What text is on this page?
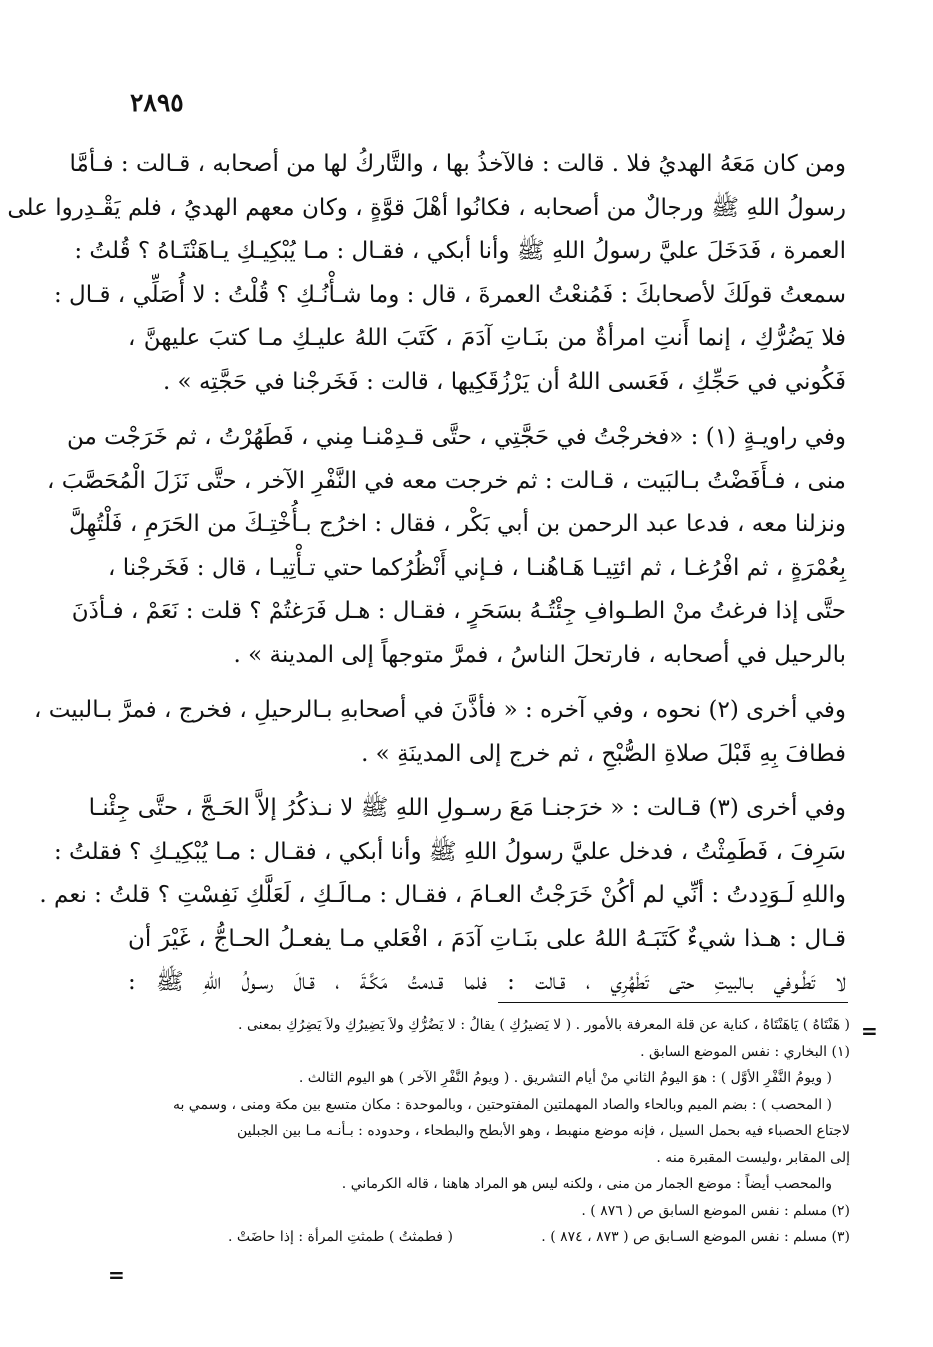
٢٨٩٥
ومن كان مَعَهُ الهديُ فلا . قالت : فالآخذُ بها ، والتَّاركُ لها من أصحابه ، قـالت : فـأمَّا
رسولُ اللهِ ﷺ ورجالٌ من أصحابه ، فكانُوا أهْلَ قوَّةٍ ، وكان معهم الهديُ ، فلم يَقْـدِروا على
العمرة ، فَدَخَلَ عليَّ رسولُ اللهِ ﷺ وأنا أبكي ، فقـال : مـا يُبْكِيـكِ يـاهَنْتَـاهُ ؟ قُلتُ :
سمعتُ قولَكَ لأصحابكَ : فَمُنعْتُ العمرةَ ، قال : وما شـأْنُـكِ ؟ قُلْتُ : لا أُصَلِّي ، قـال :
فلا يَضُرُّكِ ، إنما أَنتِ امرأةٌ من بنَـاتِ آدَمَ ، كَتَبَ اللهُ عليـكِ مـا كتبَ عليهنَّ ،
فَكُوني في حَجِّكِ ، فَعَسى اللهُ أن يَرْزُقَكِيها ، قالت : فَخَرجْنا في حَجَّتِه » .
وفي راويـةٍ (١) : «فخرجْتُ في حَجَّتِي ، حتَّى قـدِمْنـا مِني ، فَطَهُرْتُ ، ثم خَرَجْت من
منى ، فـأَفَضْتُ بـالبَيت ، قـالت : ثم خرجت معه في النَّفْرِ الآخر ، حتَّى نَزَلَ الْمُحَصَّبَ ،
ونزلنا معه ، فدعا عبد الرحمن بن أبي بَكْر ، فقال : اخرُج بـأُخْتِـكَ من الحَرَمِ ، فَلْتُهِلَّ
بِعُمْرَةٍ ، ثم افْرُغـا ، ثم ائتِيـا هَـاهُنـا ، فـإني أَنْظُرُكما حتي تـأْتِيـا ، قال : فَخَرجْنا ،
حتَّى إذا فرغتُ منْ الطـوافِ جِئْتُـهُ بسَحَرٍ ، فقـال : هـل فَرَغتُمْ ؟ قلت : نَعَمْ ، فـأذَنَ
بالرحيل في أصحابه ، فارتحلَ الناسُ ، فمرَّ متوجهاً إلى المدينة » .
وفي أخرى (٢) نحوه ، وفي آخره : « فأذَّنَ في أصحابهِ بـالرحيلِ ، فخرج ، فمرَّ بـالبيت ،
فطافَ بِهِ قَبْلَ صلاةِ الصُّبْحِ ، ثم خرج إلى المدينَةِ » .
وفي أخرى (٣) قـالت : « خرَجنـا مَعَ رسـولِ اللهِ ﷺ لا نـذكُرُ إلاَّ الحَـجَّ ، حتَّى جِئْنـا
سَرِفَ ، فَطَمِثْتُ ، فدخل عليَّ رسولُ اللهِ ﷺ وأنا أبكي ، فقـال : مـا يُبْكِيـكِ ؟ فقلتُ :
واللهِ لَـوَدِدتُ : أنِّي لم أكُنْ خَرَجْتُ العـامَ ، فقـال : مـالَـكِ ، لَعَلَّكِ نَفِسْتِ ؟ قلتُ : نعم .
قـال : هـذا شيءٌ كَتَبَـهُ اللهُ على بنَـاتِ آدَمَ ، افْعَلي مـا يفعـلُ الحـاجُّ ، غَيْرَ أن
لا تَطُـوفي بـالبيتِ حتى تَطْهُرِي ، قـالت : فلما قـدمتُ مَكَّـةَ ، قـالَ رسـولُ اللهِ ﷺ :
( هَنْتَاهُ ) يَاهَنْتَاهُ ، كناية عن قلة المعرفة بالأمور . ( لا يَضيرُكِ ) يقالُ : لا يَضُرُّكِ ولاَ يَضِيرُكِ ولاَ يَضِرُكِ بمعنى .
(١) البخاري : نفس الموضع السابق .
( ويومُ النَّفْرِ الأوَّل ) : هوَ اليومُ الثاني منْ أيام التشريق . ( ويومُ النَّفْرِ الآخر ) هو اليوم الثالث .
( المحصب ) : بضم الميم وبالحاء والصاد المهملتين المفتوحتين ، وبالموحدة : مكان متسع بين مكة ومنى ، وسمي به
لاجتاع الحصباء فيه بحمل السيل ، فإنه موضع منهبط ، وهو الأبطح والبطحاء ، وحدوده : بـأنـه مـا بين الجبلين
إلى المقابر ،وليست المقبرة منه .
والمحصب أيضاً : موضع الجمار من منى ، ولكنه ليس هو المراد هاهنا ، قاله الكرماني .
(٢) مسلم : نفس الموضع السابق ص ( ٨٧٦ ) .
(٣) مسلم : نفس الموضع السـابق ص ( ٨٧٣ ، ٨٧٤ ) .
( فطمثتُ ) طمثتِ المرأة : إذا حاضَتْ .
=
=
